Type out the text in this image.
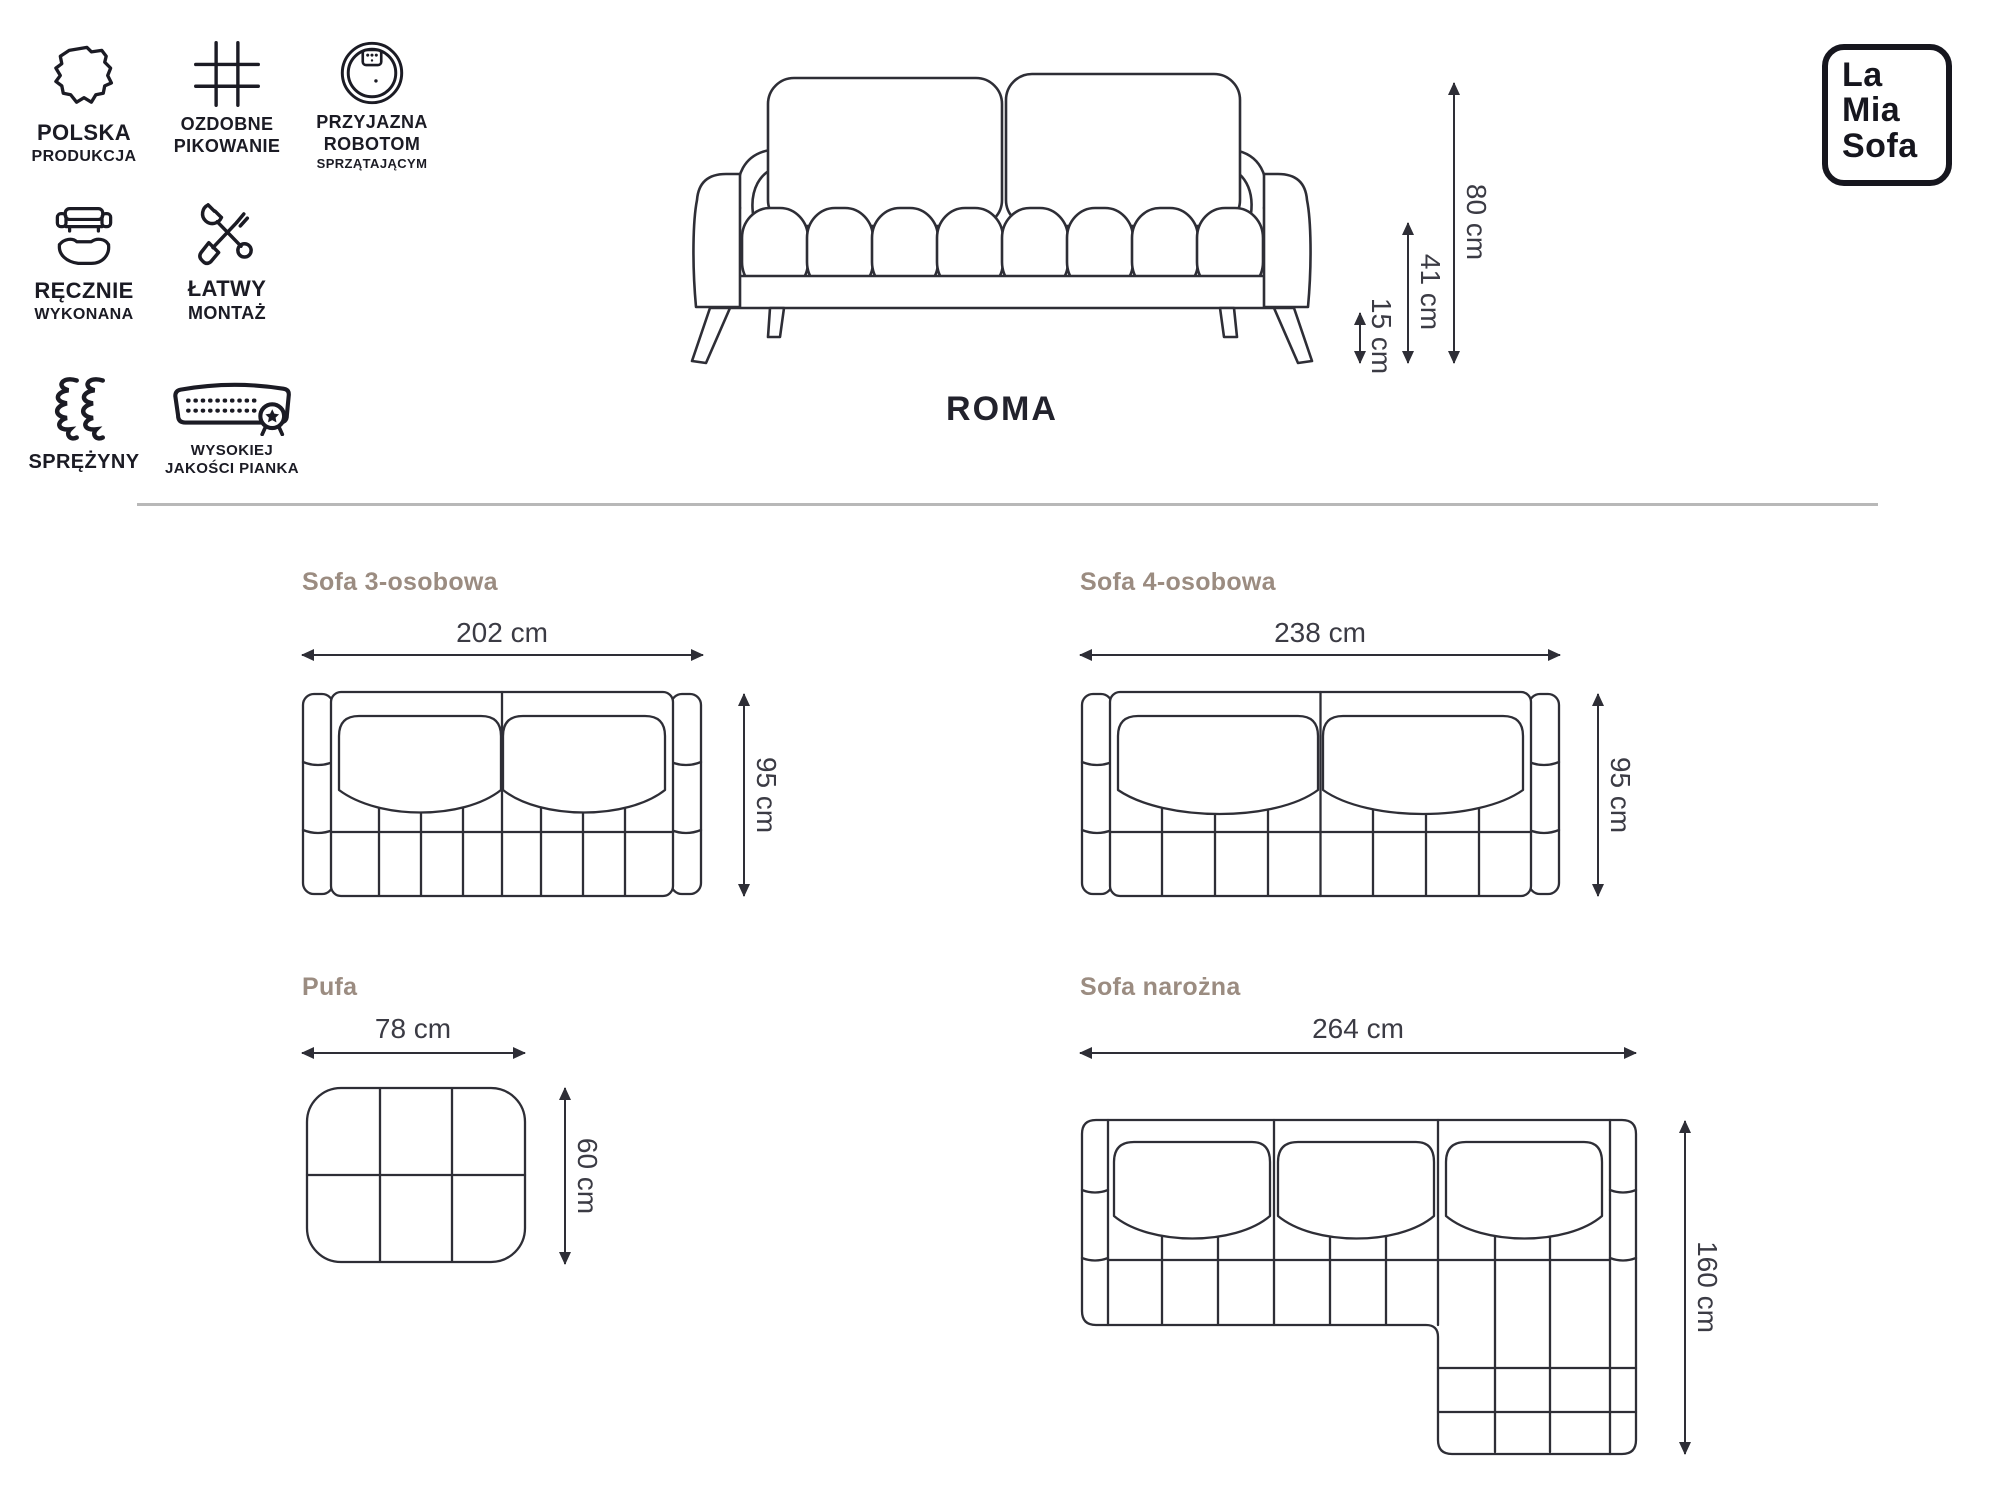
POLSKA
PRODUKCJA
OZDOBNE
PIKOWANIE
PRZYJAZNA
ROBOTOM
SPRZĄTAJĄCYM
RĘCZNIE
WYKONANA
ŁATWY
MONTAŻ
SPRĘŻYNY
WYSOKIEJ
JAKOŚCI PIANKA
La
Mia
Sofa
80 cm
41 cm
15 cm
ROMA
Sofa 3-osobowa
202 cm
95 cm
Sofa 4-osobowa
238 cm
95 cm
Pufa
78 cm
60 cm
Sofa narożna
264 cm
160 cm
